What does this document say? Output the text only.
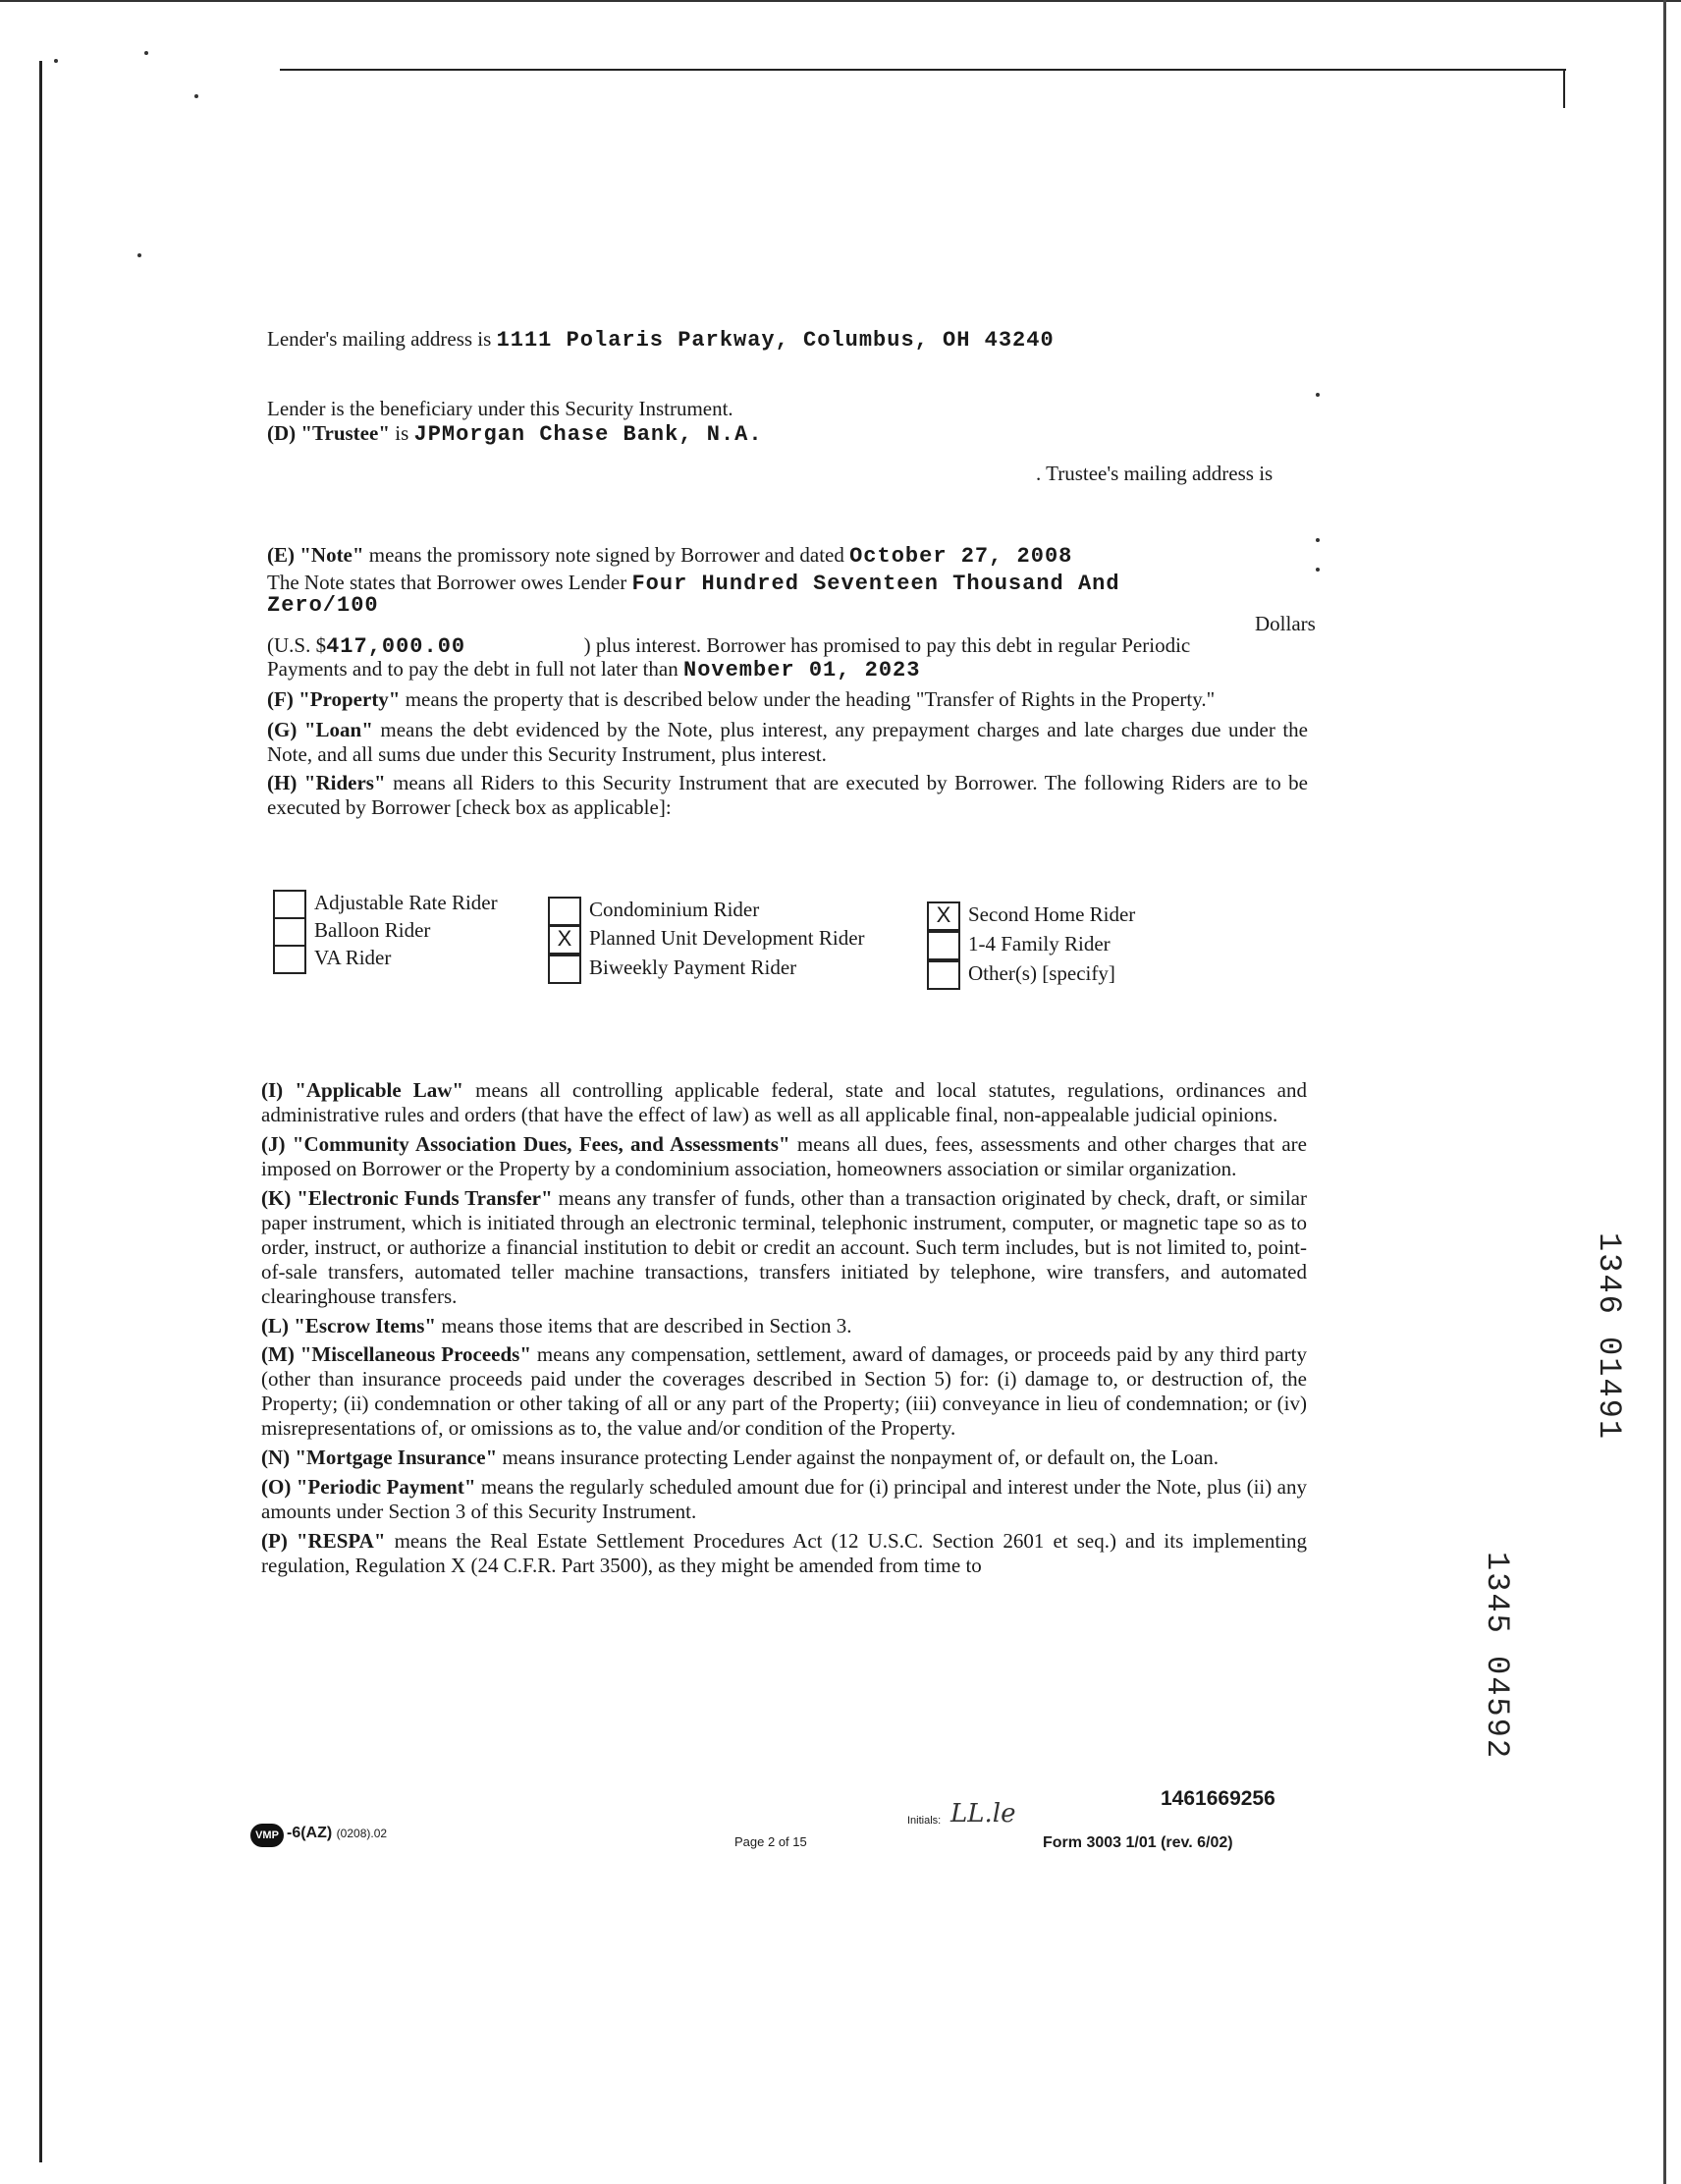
Lender's mailing address is 1111 Polaris Parkway, Columbus, OH 43240
Lender is the beneficiary under this Security Instrument.
(D) "Trustee" is JPMorgan Chase Bank, N.A.
. Trustee's mailing address is
(E) "Note" means the promissory note signed by Borrower and dated October 27, 2008
The Note states that Borrower owes Lender Four Hundred Seventeen Thousand And
Zero/100
Dollars
(U.S. $417,000.00	) plus interest. Borrower has promised to pay this debt in regular Periodic
Payments and to pay the debt in full not later than November 01, 2023
(F) "Property" means the property that is described below under the heading "Transfer of Rights in the Property."
(G) "Loan" means the debt evidenced by the Note, plus interest, any prepayment charges and late charges due under the Note, and all sums due under this Security Instrument, plus interest.
(H) "Riders" means all Riders to this Security Instrument that are executed by Borrower. The following Riders are to be executed by Borrower [check box as applicable]:
Adjustable Rate Rider
Balloon Rider
VA Rider
Condominium Rider
X Planned Unit Development Rider
Biweekly Payment Rider
X Second Home Rider
1-4 Family Rider
Other(s) [specify]
(I) "Applicable Law" means all controlling applicable federal, state and local statutes, regulations, ordinances and administrative rules and orders (that have the effect of law) as well as all applicable final, non-appealable judicial opinions.
(J) "Community Association Dues, Fees, and Assessments" means all dues, fees, assessments and other charges that are imposed on Borrower or the Property by a condominium association, homeowners association or similar organization.
(K) "Electronic Funds Transfer" means any transfer of funds, other than a transaction originated by check, draft, or similar paper instrument, which is initiated through an electronic terminal, telephonic instrument, computer, or magnetic tape so as to order, instruct, or authorize a financial institution to debit or credit an account. Such term includes, but is not limited to, point-of-sale transfers, automated teller machine transactions, transfers initiated by telephone, wire transfers, and automated clearinghouse transfers.
(L) "Escrow Items" means those items that are described in Section 3.
(M) "Miscellaneous Proceeds" means any compensation, settlement, award of damages, or proceeds paid by any third party (other than insurance proceeds paid under the coverages described in Section 5) for: (i) damage to, or destruction of, the Property; (ii) condemnation or other taking of all or any part of the Property; (iii) conveyance in lieu of condemnation; or (iv) misrepresentations of, or omissions as to, the value and/or condition of the Property.
(N) "Mortgage Insurance" means insurance protecting Lender against the nonpayment of, or default on, the Loan.
(O) "Periodic Payment" means the regularly scheduled amount due for (i) principal and interest under the Note, plus (ii) any amounts under Section 3 of this Security Instrument.
(P) "RESPA" means the Real Estate Settlement Procedures Act (12 U.S.C. Section 2601 et seq.) and its implementing regulation, Regulation X (24 C.F.R. Part 3500), as they might be amended from time to
1461669256
VMP -6(AZ) (0208).02
Page 2 of 15
Initials: LL.le
Form 3003 1/01 (rev. 6/02)
1346 01491
1345 04592
